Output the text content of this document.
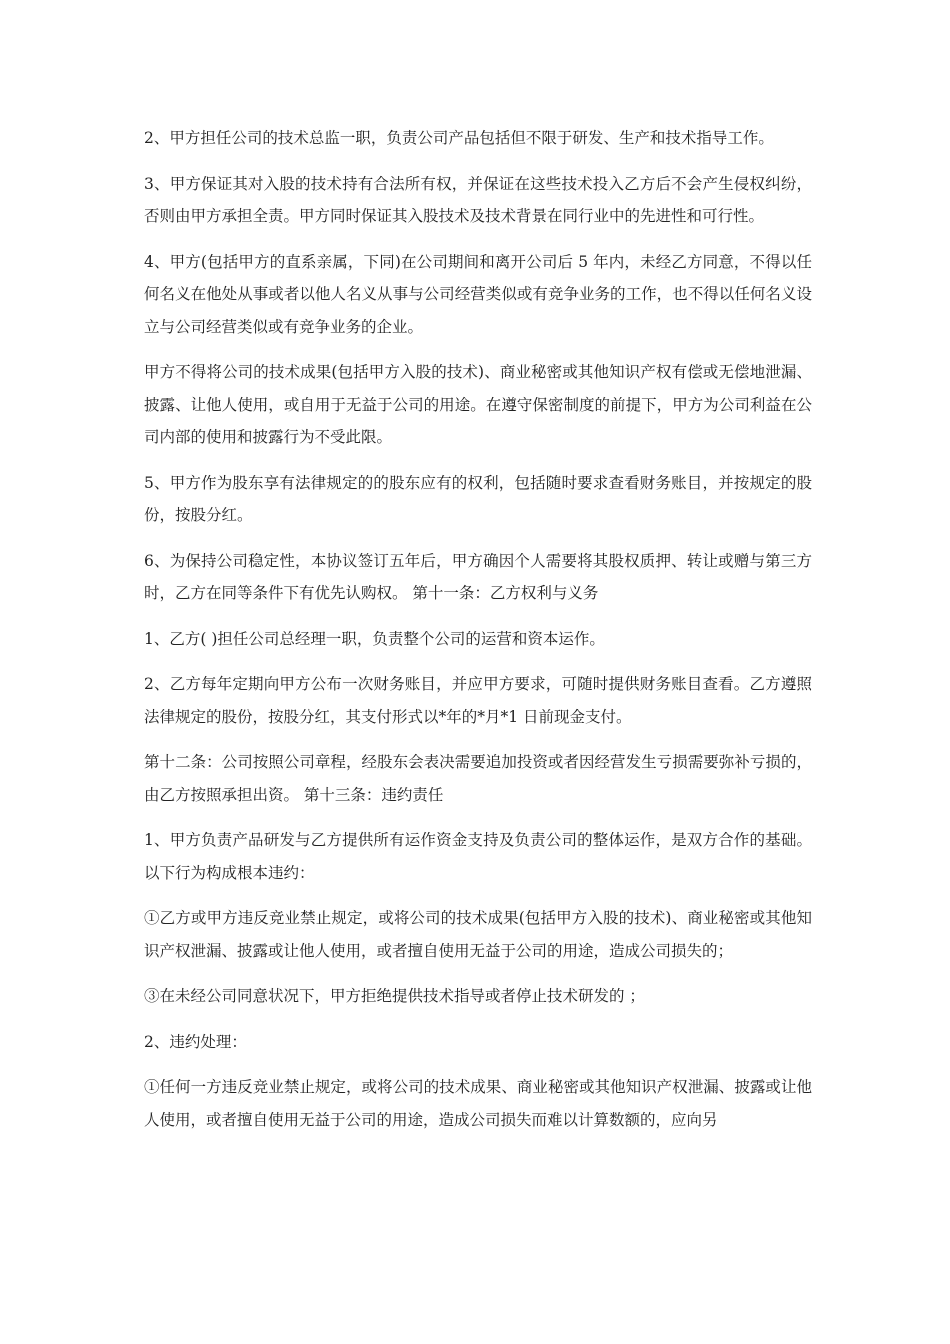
2、甲方担任公司的技术总监一职，负责公司产品包括但不限于研发、生产和技术指导工作。

3、甲方保证其对入股的技术持有合法所有权，并保证在这些技术投入乙方后不会产生侵权纠纷，否则由甲方承担全责。甲方同时保证其入股技术及技术背景在同行业中的先进性和可行性。

4、甲方(包括甲方的直系亲属，下同)在公司期间和离开公司后 5 年内，未经乙方同意，不得以任何名义在他处从事或者以他人名义从事与公司经营类似或有竞争业务的工作，也不得以任何名义设立与公司经营类似或有竞争业务的企业。

甲方不得将公司的技术成果(包括甲方入股的技术)、商业秘密或其他知识产权有偿或无偿地泄漏、披露、让他人使用，或自用于无益于公司的用途。在遵守保密制度的前提下，甲方为公司利益在公司内部的使用和披露行为不受此限。

5、甲方作为股东享有法律规定的的股东应有的权利，包括随时要求查看财务账目，并按规定的股份，按股分红。

6、为保持公司稳定性，本协议签订五年后，甲方确因个人需要将其股权质押、转让或赠与第三方时，乙方在同等条件下有优先认购权。 第十一条：乙方权利与义务

1、乙方( )担任公司总经理一职，负责整个公司的运营和资本运作。

2、乙方每年定期向甲方公布一次财务账目，并应甲方要求，可随时提供财务账目查看。乙方遵照法律规定的股份，按股分红，其支付形式以*年的*月*1 日前现金支付。

第十二条：公司按照公司章程，经股东会表决需要追加投资或者因经营发生亏损需要弥补亏损的，由乙方按照承担出资。 第十三条：违约责任

1、甲方负责产品研发与乙方提供所有运作资金支持及负责公司的整体运作，是双方合作的基础。以下行为构成根本违约：

①乙方或甲方违反竞业禁止规定，或将公司的技术成果(包括甲方入股的技术)、商业秘密或其他知识产权泄漏、披露或让他人使用，或者擅自使用无益于公司的用途，造成公司损失的；

③在未经公司同意状况下，甲方拒绝提供技术指导或者停止技术研发的 ；

2、违约处理：

①任何一方违反竞业禁止规定，或将公司的技术成果、商业秘密或其他知识产权泄漏、披露或让他人使用，或者擅自使用无益于公司的用途，造成公司损失而难以计算数额的，应向另
